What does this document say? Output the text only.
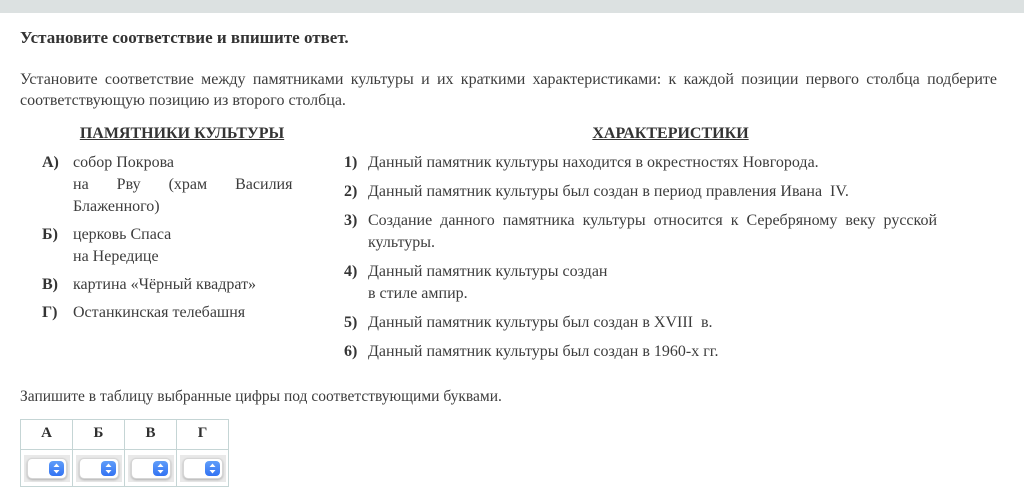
Установите соответствие и впишите ответ.

Установите соответствие между памятниками культуры и их краткими характеристиками: к каждой позиции первого столбца подберите соответствующую позицию из второго столбца.

ПАМЯТНИКИ КУЛЬТУРЫ
А) собор Покрова
на Рву (храм Василия
Блаженного)
Б) церковь Спаса
на Нередице
В) картина «Чёрный квадрат»
Г) Останкинская телебашня
ХАРАКТЕРИСТИКИ
1) Данный памятник культуры находится в окрестностях Новгорода.
2) Данный памятник культуры был создан в период правления Ивана  IV.
3) Создание данного памятника культуры относится к Серебряному веку русской
культуры.
4) Данный памятник культуры создан
в стиле ампир.
5) Данный памятник культуры был создан в XVIII  в.
6) Данный памятник культуры был создан в 1960-х гг.

Запишите в таблицу выбранные цифры под соответствующими буквами.

А	Б	В	Г
